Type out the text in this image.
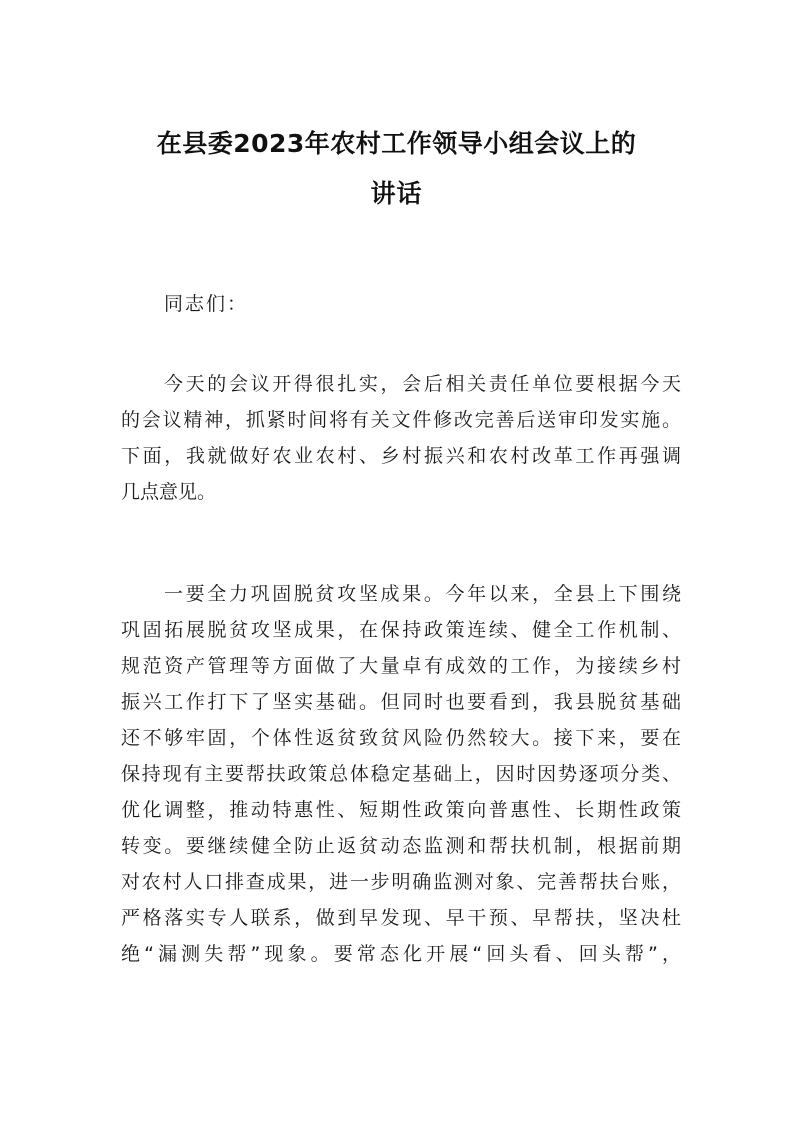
在县委2023年农村工作领导小组会议上的
讲话

同志们：

今天的会议开得很扎实，会后相关责任单位要根据今天
的会议精神，抓紧时间将有关文件修改完善后送审印发实施。
下面，我就做好农业农村、乡村振兴和农村改革工作再强调
几点意见。
一要全力巩固脱贫攻坚成果。今年以来，全县上下围绕
巩固拓展脱贫攻坚成果，在保持政策连续、健全工作机制、
规范资产管理等方面做了大量卓有成效的工作，为接续乡村
振兴工作打下了坚实基础。但同时也要看到，我县脱贫基础
还不够牢固，个体性返贫致贫风险仍然较大。接下来，要在
保持现有主要帮扶政策总体稳定基础上，因时因势逐项分类、
优化调整，推动特惠性、短期性政策向普惠性、长期性政策
转变。要继续健全防止返贫动态监测和帮扶机制，根据前期
对农村人口排查成果，进一步明确监测对象、完善帮扶台账，
严格落实专人联系，做到早发现、早干预、早帮扶，坚决杜
绝“漏测失帮”现象。要常态化开展“回头看、回头帮”，
